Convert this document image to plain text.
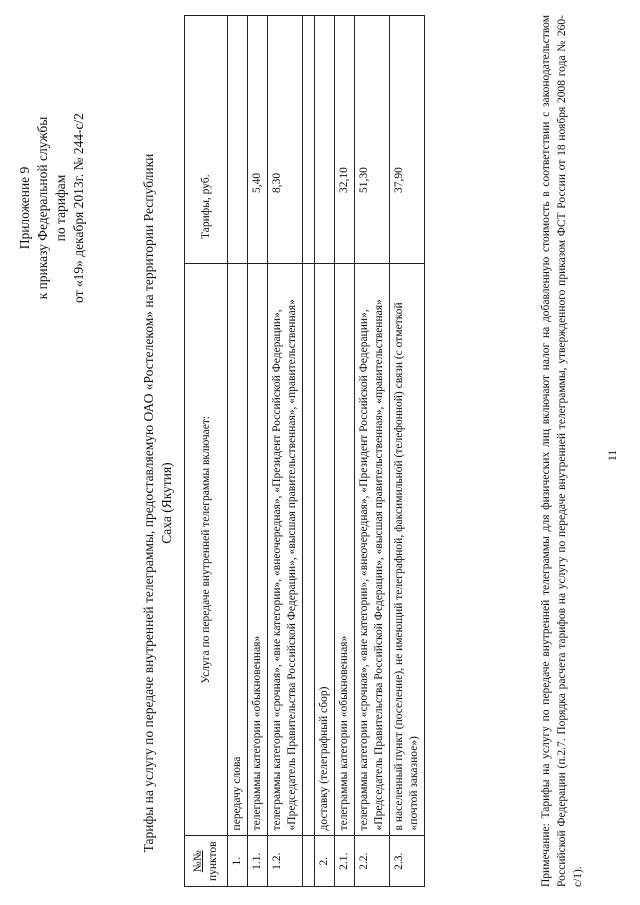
Приложение 9 к приказу Федеральной службы по тарифам от «19» декабря 2013г. № 244-с/2	Тарифы на услугу по передаче внутренней телеграммы, предоставляемую ОАО «Ростелеком» на территории Республики Саха (Якутия)
№№ пунктов	Услуга по передаче внутренней телеграммы включает:	Тарифы, руб.
1.	передачу слова	
1.1.	телеграммы категории «обыкновенная»	5,40
1.2.	телеграммы категории «срочная», «вне категории», «внеочередная», «Президент Российской Федерации», «Председатель Правительства Российской Федерации», «высшая правительственная», «правительственная»	8,30

2.	доставку (телеграфный сбор)	
2.1.	телеграммы категории «обыкновенная»	32,10
2.2.	телеграммы категории «срочная», «вне категории», «внеочередная», «Президент Российской Федерации», «Председатель Правительства Российской Федерации», «высшая правительственная», «правительственная»	51,30
2.3.	в населенный пункт (поселение), не имеющий телеграфной, факсимильной (телефонной) связи (с отметкой «почтой заказное»)	37,90	Примечание: Тарифы на услугу по передаче внутренней телеграммы для физических лиц включают налог на добавленную стоимость в соответствии с законодательством Российской Федерации (п.2.7. Порядка расчета тарифов на услугу по передаче внутренней телеграммы, утвержденного приказом ФСТ России от 18 ноября 2008 года № 260-с/1).
11
